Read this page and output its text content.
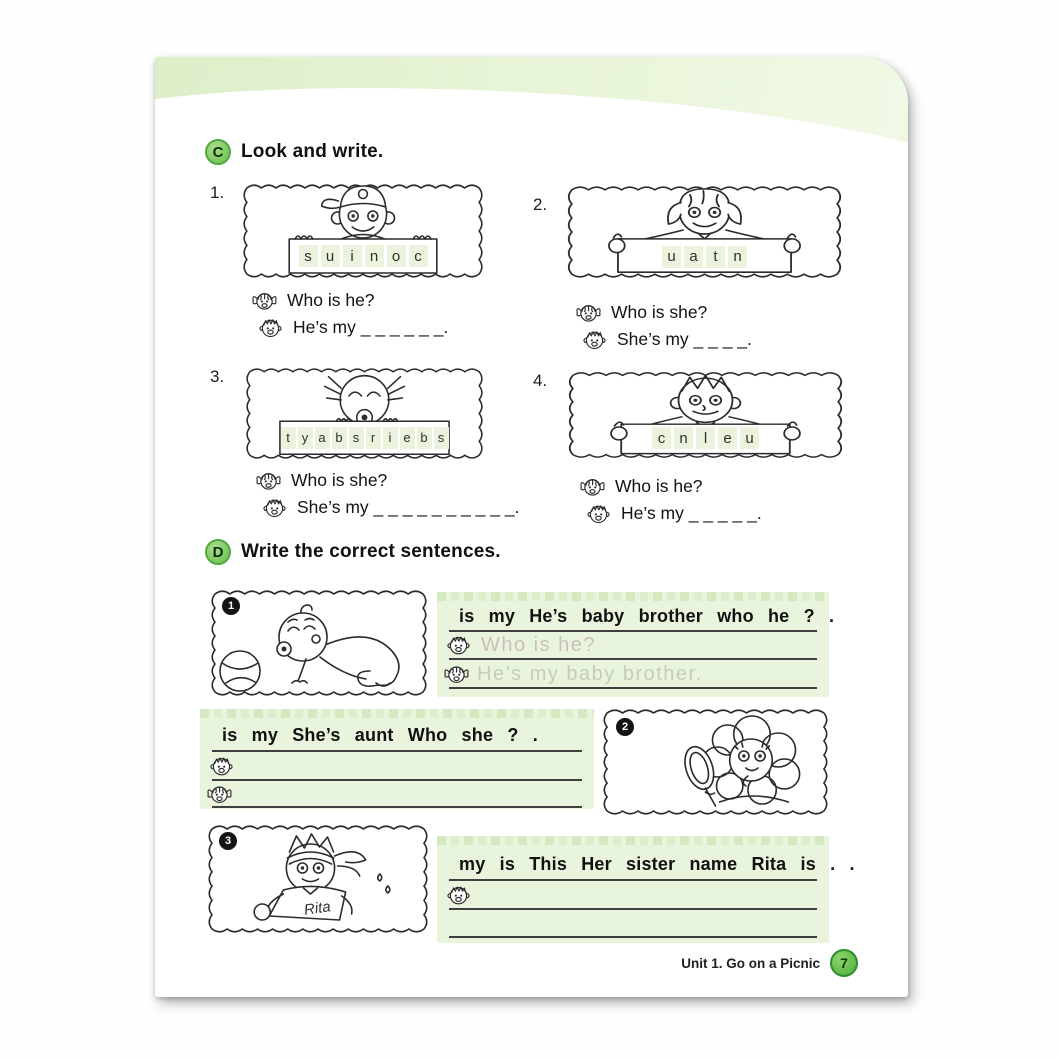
C Look and write.
1.
s u	i	n o c
Who is he?
He’s my _ _ _ _ _ _.
2.
u a	t	n
Who is she?
She’s my _ _ _ _.
3.
t y a b s r	i e b s
Who is she?
She’s my _ _ _ _ _ _ _ _ _ _.
4.
c n	l	e u
Who is he?
He’s my _ _ _ _ _.
D Write the correct sentences.
1	is my He’s baby brother who he ? .
Who is he?
He’s my baby brother.
is my She’s aunt Who she ? .	2
3
Rita
my is This Her sister name Rita is . .
Unit 1. Go on a Picnic	7
